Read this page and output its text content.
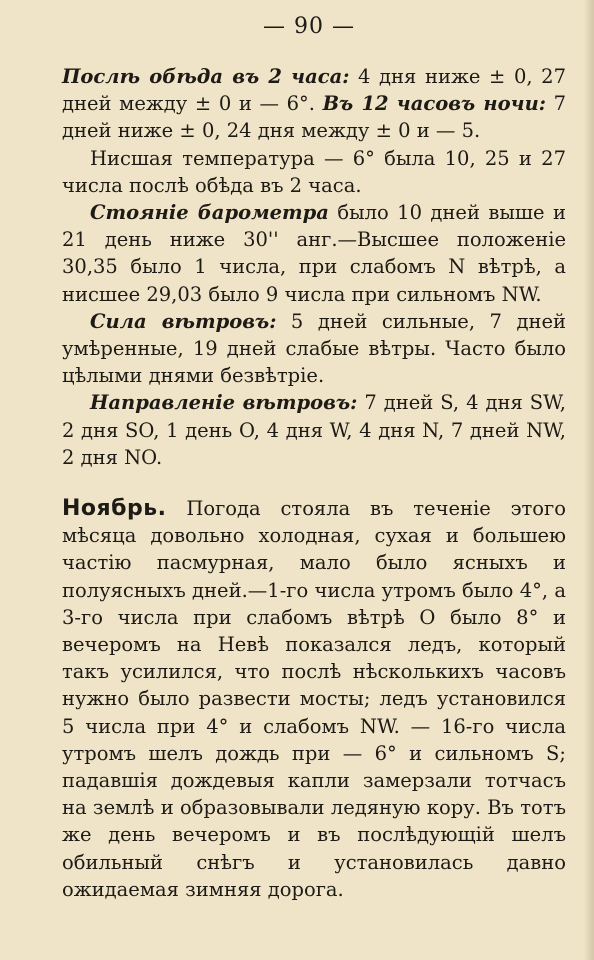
— 90 —

Послѣ обѣда въ 2 часа: 4 дня ниже ± 0, 27 дней между ± 0 и — 6°. Въ 12 часовъ ночи: 7 дней ниже ± 0, 24 дня между ± 0 и — 5.

Нисшая температура — 6° была 10, 25 и 27 числа послѣ обѣда въ 2 часа.

Стоянiе барометра было 10 дней выше и 21 день ниже 30'' анг.—Высшее положенiе 30,35 было 1 числа, при слабомъ N вѣтрѣ, а нисшее 29,03 было 9 числа при сильномъ NW.

Сила вѣтровъ: 5 дней сильные, 7 дней умѣренные, 19 дней слабые вѣтры. Часто было цѣлыми днями безвѣтрiе.

Направленiе вѣтровъ: 7 дней S, 4 дня SW, 2 дня SO, 1 день O, 4 дня W, 4 дня N, 7 дней NW, 2 дня NO.

Ноябрь. Погода стояла въ теченiе этого мѣсяца довольно холодная, сухая и большею частiю пасмурная, мало было ясныхъ и полуясныхъ дней.—1-го числа утромъ было 4°, а 3-го числа при слабомъ вѣтрѣ О было 8° и вечеромъ на Невѣ показался ледъ, который такъ усилился, что послѣ нѣсколькихъ часовъ нужно было развести мосты; ледъ установился 5 числа при 4° и слабомъ NW. — 16-го числа утромъ шелъ дождь при — 6° и сильномъ S; падавшiя дождевыя капли замерзали тотчасъ на землѣ и образовывали ледяную кору. Въ тотъ же день вечеромъ и въ послѣдующiй шелъ обильный снѣгъ и установилась давно ожидаемая зимняя дорога.
